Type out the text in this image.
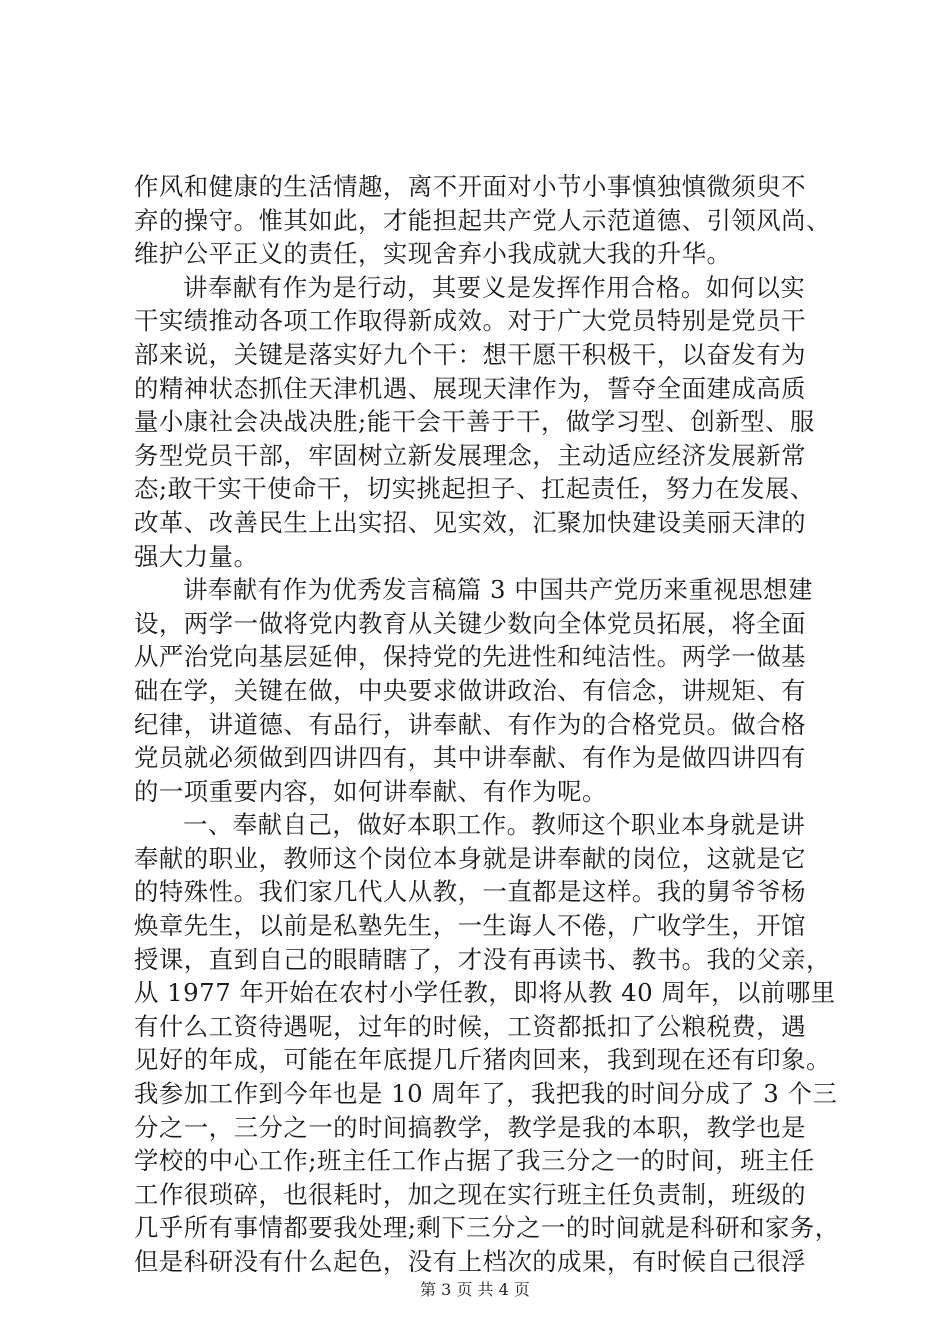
作风和健康的生活情趣，离不开面对小节小事慎独慎微须臾不
弃的操守。惟其如此，才能担起共产党人示范道德、引领风尚、
维护公平正义的责任，实现舍弃小我成就大我的升华。
讲奉献有作为是行动，其要义是发挥作用合格。如何以实
干实绩推动各项工作取得新成效。对于广大党员特别是党员干
部来说，关键是落实好九个干：想干愿干积极干，以奋发有为
的精神状态抓住天津机遇、展现天津作为，誓夺全面建成高质
量小康社会决战决胜;能干会干善于干，做学习型、创新型、服
务型党员干部，牢固树立新发展理念，主动适应经济发展新常
态;敢干实干使命干，切实挑起担子、扛起责任，努力在发展、
改革、改善民生上出实招、见实效，汇聚加快建设美丽天津的
强大力量。
讲奉献有作为优秀发言稿篇 3 中国共产党历来重视思想建
设，两学一做将党内教育从关键少数向全体党员拓展，将全面
从严治党向基层延伸，保持党的先进性和纯洁性。两学一做基
础在学，关键在做，中央要求做讲政治、有信念，讲规矩、有
纪律，讲道德、有品行，讲奉献、有作为的合格党员。做合格
党员就必须做到四讲四有，其中讲奉献、有作为是做四讲四有
的一项重要内容，如何讲奉献、有作为呢。
一、奉献自己，做好本职工作。教师这个职业本身就是讲
奉献的职业，教师这个岗位本身就是讲奉献的岗位，这就是它
的特殊性。我们家几代人从教，一直都是这样。我的舅爷爷杨
焕章先生，以前是私塾先生，一生诲人不倦，广收学生，开馆
授课，直到自己的眼睛瞎了，才没有再读书、教书。我的父亲，
从 1977 年开始在农村小学任教，即将从教 40 周年，以前哪里
有什么工资待遇呢，过年的时候，工资都抵扣了公粮税费，遇
见好的年成，可能在年底提几斤猪肉回来，我到现在还有印象。
我参加工作到今年也是 10 周年了，我把我的时间分成了 3 个三
分之一，三分之一的时间搞教学，教学是我的本职，教学也是
学校的中心工作;班主任工作占据了我三分之一的时间，班主任
工作很琐碎，也很耗时，加之现在实行班主任负责制，班级的
几乎所有事情都要我处理;剩下三分之一的时间就是科研和家务，
但是科研没有什么起色，没有上档次的成果，有时候自己很浮
第 3 页 共 4 页
